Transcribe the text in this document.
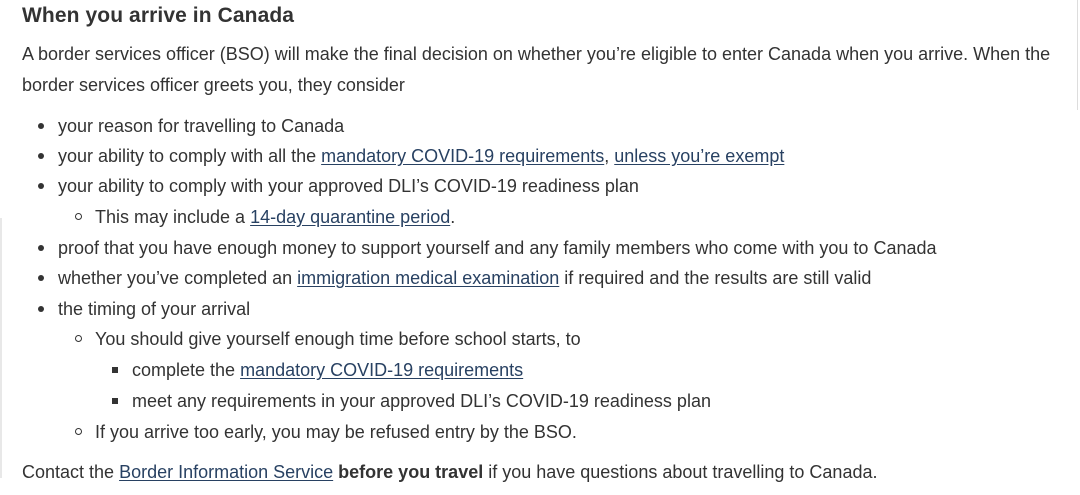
When you arrive in Canada
A border services officer (BSO) will make the final decision on whether you’re eligible to enter Canada when you arrive. When the border services officer greets you, they consider
your reason for travelling to Canada
your ability to comply with all the mandatory COVID-19 requirements, unless you’re exempt
your ability to comply with your approved DLI’s COVID-19 readiness plan
This may include a 14-day quarantine period.
proof that you have enough money to support yourself and any family members who come with you to Canada
whether you’ve completed an immigration medical examination if required and the results are still valid
the timing of your arrival
You should give yourself enough time before school starts, to
complete the mandatory COVID-19 requirements
meet any requirements in your approved DLI’s COVID-19 readiness plan
If you arrive too early, you may be refused entry by the BSO.
Contact the Border Information Service before you travel if you have questions about travelling to Canada.
